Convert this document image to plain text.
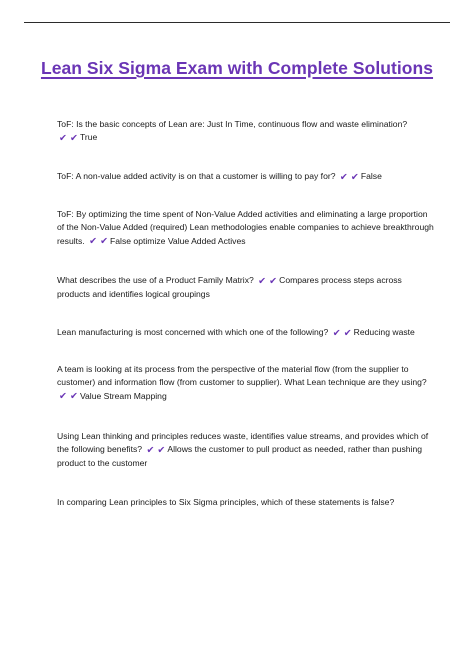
Lean Six Sigma Exam with Complete Solutions
ToF: Is the basic concepts of Lean are: Just In Time, continuous flow and waste elimination?
✔ ✔ True
ToF: A non-value added activity is on that a customer is willing to pay for? ✔ ✔ False
ToF: By optimizing the time spent of Non-Value Added activities and eliminating a large proportion of the Non-Value Added (required) Lean methodologies enable companies to achieve breakthrough results. ✔ ✔ False optimize Value Added Actives
What describes the use of a Product Family Matrix? ✔ ✔ Compares process steps across products and identifies logical groupings
Lean manufacturing is most concerned with which one of the following? ✔ ✔ Reducing waste
A team is looking at its process from the perspective of the material flow (from the supplier to customer) and information flow (from customer to supplier). What Lean technique are they using? ✔ ✔ Value Stream Mapping
Using Lean thinking and principles reduces waste, identifies value streams, and provides which of the following benefits? ✔ ✔ Allows the customer to pull product as needed, rather than pushing product to the customer
In comparing Lean principles to Six Sigma principles, which of these statements is false?
